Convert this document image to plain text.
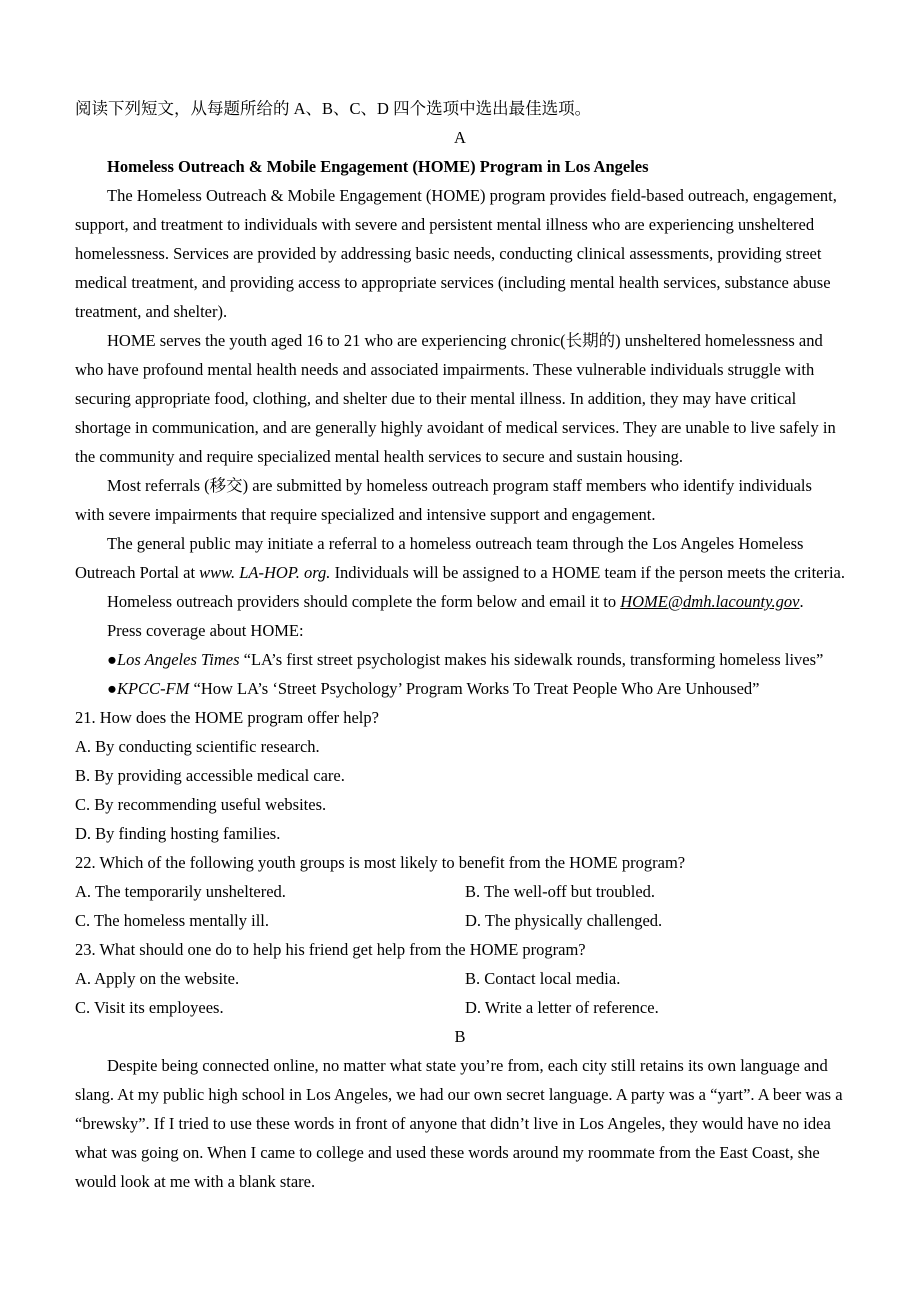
阅读下列短文，从每题所给的 A、B、C、D 四个选项中选出最佳选项。

A

Homeless Outreach & Mobile Engagement (HOME) Program in Los Angeles

The Homeless Outreach & Mobile Engagement (HOME) program provides field-based outreach, engagement, support, and treatment to individuals with severe and persistent mental illness who are experiencing unsheltered homelessness. Services are provided by addressing basic needs, conducting clinical assessments, providing street medical treatment, and providing access to appropriate services (including mental health services, substance abuse treatment, and shelter).

HOME serves the youth aged 16 to 21 who are experiencing chronic(长期的) unsheltered homelessness and who have profound mental health needs and associated impairments. These vulnerable individuals struggle with securing appropriate food, clothing, and shelter due to their mental illness. In addition, they may have critical shortage in communication, and are generally highly avoidant of medical services. They are unable to live safely in the community and require specialized mental health services to secure and sustain housing.

Most referrals (移交) are submitted by homeless outreach program staff members who identify individuals with severe impairments that require specialized and intensive support and engagement.

The general public may initiate a referral to a homeless outreach team through the Los Angeles Homeless Outreach Portal at www. LA-HOP. org. Individuals will be assigned to a HOME team if the person meets the criteria.

Homeless outreach providers should complete the form below and email it to HOME@dmh.lacounty.gov.

Press coverage about HOME:

●Los Angeles Times “LA’s first street psychologist makes his sidewalk rounds, transforming homeless lives”

●KPCC-FM “How LA’s ‘Street Psychology’ Program Works To Treat People Who Are Unhoused”

21. How does the HOME program offer help?

A. By conducting scientific research.

B. By providing accessible medical care.

C. By recommending useful websites.

D. By finding hosting families.

22. Which of the following youth groups is most likely to benefit from the HOME program?

A. The temporarily unsheltered.	B. The well-off but troubled.

C. The homeless mentally ill.	D. The physically challenged.

23. What should one do to help his friend get help from the HOME program?

A. Apply on the website.	B. Contact local media.

C. Visit its employees.	D. Write a letter of reference.

B

Despite being connected online, no matter what state you’re from, each city still retains its own language and slang. At my public high school in Los Angeles, we had our own secret language. A party was a “yart”. A beer was a “brewsky”. If I tried to use these words in front of anyone that didn’t live in Los Angeles, they would have no idea what was going on. When I came to college and used these words around my roommate from the East Coast, she would look at me with a blank stare.
